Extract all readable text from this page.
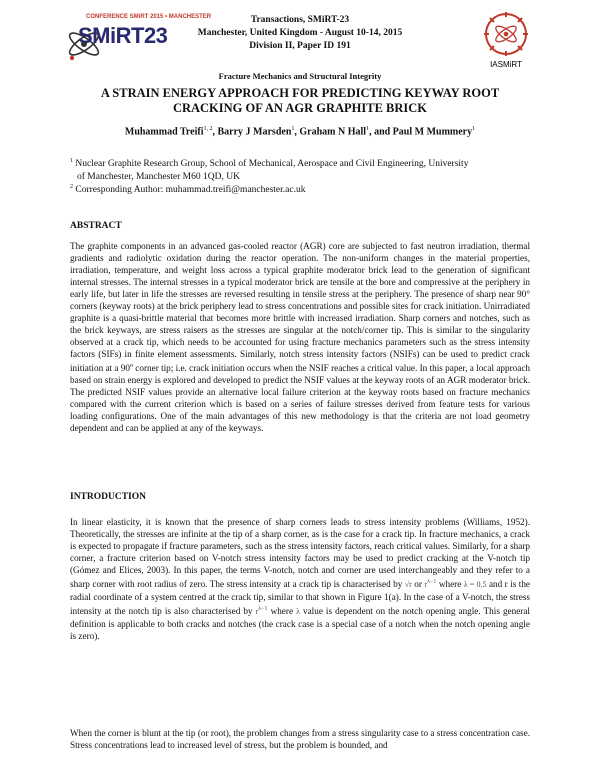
CONFERENCE SMiRT 2015 • MANCHESTER
SMiRT23
Transactions, SMiRT-23
Manchester, United Kingdom - August 10-14, 2015
Division II, Paper ID 191
IASMiRT
Fracture Mechanics and Structural Integrity
A STRAIN ENERGY APPROACH FOR PREDICTING KEYWAY ROOT
CRACKING OF AN AGR GRAPHITE BRICK
Muhammad Treifi$^{1, 2}$, Barry J Marsden$^1$, Graham N Hall$^1$, and Paul M Mummery$^1$
$^1$ Nuclear Graphite Research Group, School of Mechanical, Aerospace and Civil Engineering, University
of Manchester, Manchester M60 1QD, UK
$^2$ Corresponding Author: muhammad.treifi@manchester.ac.uk
ABSTRACT
The graphite components in an advanced gas-cooled reactor (AGR) core are subjected to fast neutron irradiation, thermal gradients and radiolytic oxidation during the reactor operation. The non-uniform changes in the material properties, irradiation, temperature, and weight loss across a typical graphite moderator brick lead to the generation of significant internal stresses. The internal stresses in a typical moderator brick are tensile at the bore and compressive at the periphery in early life, but later in life the stresses are reversed resulting in tensile stress at the periphery. The presence of sharp near 90° corners (keyway roots) at the brick periphery lead to stress concentrations and possible sites for crack initiation. Unirradiated graphite is a quasi-brittle material that becomes more brittle with increased irradiation. Sharp corners and notches, such as the brick keyways, are stress raisers as the stresses are singular at the notch/corner tip. This is similar to the singularity observed at a crack tip, which needs to be accounted for using fracture mechanics parameters such as the stress intensity factors (SIFs) in finite element assessments. Similarly, notch stress intensity factors (NSIFs) can be used to predict crack initiation at a 90$^o$ corner tip; i.e. crack initiation occurs when the NSIF reaches a critical value. In this paper, a local approach based on strain energy is explored and developed to predict the NSIF values at the keyway roots of an AGR moderator brick. The predicted NSIF values provide an alternative local failure criterion at the keyway roots based on fracture mechanics compared with the current criterion which is based on a series of failure stresses derived from feature tests for various loading configurations. One of the main advantages of this new methodology is that the criteria are not load geometry dependent and can be applied at any of the keyways.
INTRODUCTION
In linear elasticity, it is known that the presence of sharp corners leads to stress intensity problems (Williams, 1952). Theoretically, the stresses are infinite at the tip of a sharp corner, as is the case for a crack tip. In fracture mechanics, a crack is expected to propagate if fracture parameters, such as the stress intensity factors, reach critical values. Similarly, for a sharp corner, a fracture criterion based on V-notch stress intensity factors may be used to predict cracking at the V-notch tip (Gómez and Elices, 2003). In this paper, the terms V-notch, notch and corner are used interchangeably and they refer to a sharp corner with root radius of zero. The stress intensity at a crack tip is characterised by √r or $r^{\lambda-1}$ where λ = 0.5 and r is the radial coordinate of a system centred at the crack tip, similar to that shown in Figure 1(a). In the case of a V-notch, the stress intensity at the notch tip is also characterised by $r^{\lambda-1}$ where λ value is dependent on the notch opening angle. This general definition is applicable to both cracks and notches (the crack case is a special case of a notch when the notch opening angle is zero).
When the corner is blunt at the tip (or root), the problem changes from a stress singularity case to a stress concentration case. Stress concentrations lead to increased level of stress, but the problem is bounded, and
